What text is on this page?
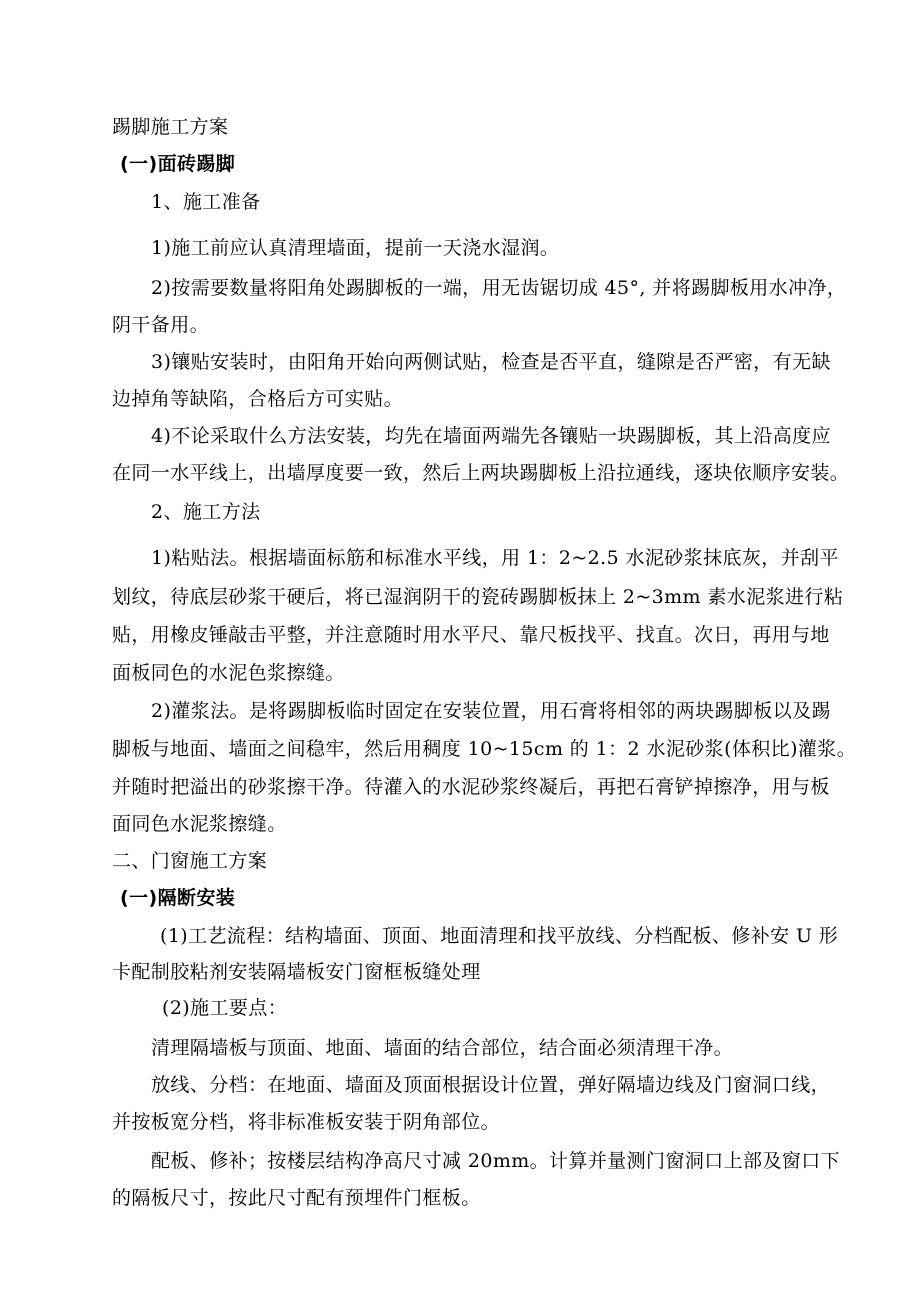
踢脚施工方案
(一)面砖踢脚
1、施工准备
1)施工前应认真清理墙面，提前一天浇水湿润。
2)按需要数量将阳角处踢脚板的一端，用无齿锯切成 45°, 并将踢脚板用水冲净，
阴干备用。
3)镶贴安装时，由阳角开始向两侧试贴，检查是否平直，缝隙是否严密，有无缺
边掉角等缺陷，合格后方可实贴。
4)不论采取什么方法安装，均先在墙面两端先各镶贴一块踢脚板，其上沿高度应
在同一水平线上，出墙厚度要一致，然后上两块踢脚板上沿拉通线，逐块依顺序安装。
2、施工方法
1)粘贴法。根据墙面标筋和标准水平线，用 1：2~2.5 水泥砂浆抹底灰，并刮平
划纹，待底层砂浆干硬后，将已湿润阴干的瓷砖踢脚板抹上 2~3mm 素水泥浆进行粘
贴，用橡皮锤敲击平整，并注意随时用水平尺、靠尺板找平、找直。次日，再用与地
面板同色的水泥色浆擦缝。
2)灌浆法。是将踢脚板临时固定在安装位置，用石膏将相邻的两块踢脚板以及踢
脚板与地面、墙面之间稳牢，然后用稠度 10~15cm 的 1：2 水泥砂浆(体积比)灌浆。
并随时把溢出的砂浆擦干净。待灌入的水泥砂浆终凝后，再把石膏铲掉擦净，用与板
面同色水泥浆擦缝。
二、门窗施工方案
(一)隔断安装
(1)工艺流程：结构墙面、顶面、地面清理和找平放线、分档配板、修补安 U 形
卡配制胶粘剂安装隔墙板安门窗框板缝处理
(2)施工要点：
清理隔墙板与顶面、地面、墙面的结合部位，结合面必须清理干净。
放线、分档：在地面、墙面及顶面根据设计位置，弹好隔墙边线及门窗洞口线，
并按板宽分档，将非标准板安装于阴角部位。
配板、修补；按楼层结构净高尺寸减 20mm。计算并量测门窗洞口上部及窗口下
的隔板尺寸，按此尺寸配有预埋件门框板。
